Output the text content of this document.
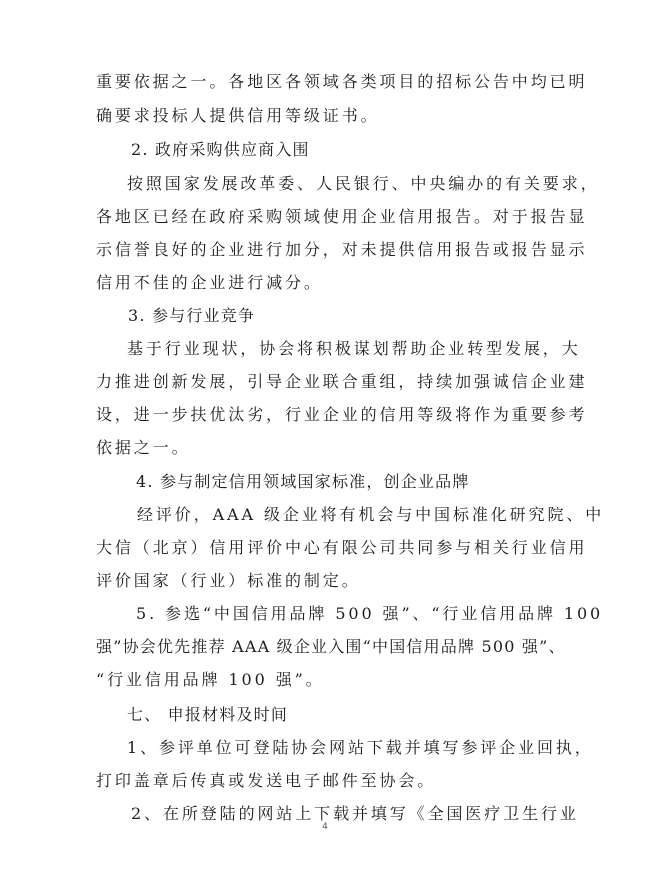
重要依据之一。各地区各领域各类项目的招标公告中均已明
确要求投标人提供信用等级证书。
2. 政府采购供应商入围
按照国家发展改革委、人民银行、中央编办的有关要求，
各地区已经在政府采购领域使用企业信用报告。对于报告显
示信誉良好的企业进行加分，对未提供信用报告或报告显示
信用不佳的企业进行减分。
3. 参与行业竞争
基于行业现状，协会将积极谋划帮助企业转型发展，大
力推进创新发展，引导企业联合重组，持续加强诚信企业建
设，进一步扶优汰劣，行业企业的信用等级将作为重要参考
依据之一。
4. 参与制定信用领域国家标准，创企业品牌
经评价，AAA 级企业将有机会与中国标准化研究院、中
大信（北京）信用评价中心有限公司共同参与相关行业信用
评价国家（行业）标准的制定。
5. 参选“中国信用品牌 500 强”、“行业信用品牌 100
强”协会优先推荐 AAA 级企业入围“中国信用品牌 500 强”、
“行业信用品牌 100 强”。
七、 申报材料及时间
1、参评单位可登陆协会网站下载并填写参评企业回执，
打印盖章后传真或发送电子邮件至协会。
2、在所登陆的网站上下载并填写《全国医疗卫生行业
4
